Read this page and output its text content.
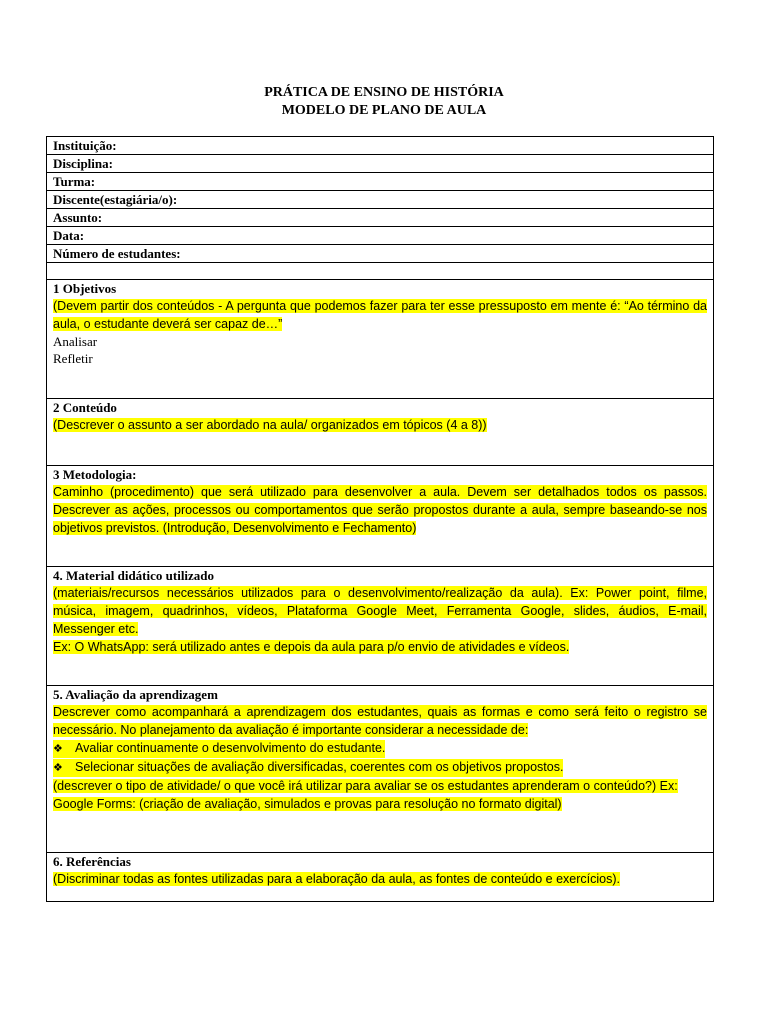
PRÁTICA DE ENSINO DE HISTÓRIA
MODELO DE PLANO DE AULA
Instituição:
Disciplina:
Turma:
Discente(estagiária/o):
Assunto:
Data:
Número de estudantes:

1 Objetivos
(Devem partir dos conteúdos - A pergunta que podemos fazer para ter esse pressuposto em mente é: “Ao término da aula, o estudante deverá ser capaz de…”
Analisar
Refletir

2 Conteúdo
(Descrever o assunto a ser abordado na aula/ organizados em tópicos (4 a 8))

3 Metodologia:
Caminho (procedimento) que será utilizado para desenvolver a aula. Devem ser detalhados todos os passos. Descrever as ações, processos ou comportamentos que serão propostos durante a aula, sempre baseando-se nos objetivos previstos. (Introdução, Desenvolvimento e Fechamento)

4. Material didático utilizado
(materiais/recursos necessários utilizados para o desenvolvimento/realização da aula). Ex: Power point, filme, música, imagem, quadrinhos, vídeos, Plataforma Google Meet, Ferramenta Google, slides, áudios, E-mail, Messenger etc.
Ex: O WhatsApp: será utilizado antes e depois da aula para p/o envio de atividades e vídeos.

5. Avaliação da aprendizagem
Descrever como acompanhará a aprendizagem dos estudantes, quais as formas e como será feito o registro se necessário. No planejamento da avaliação é importante considerar a necessidade de:
❖ Avaliar continuamente o desenvolvimento do estudante.
❖ Selecionar situações de avaliação diversificadas, coerentes com os objetivos propostos.
(descrever o tipo de atividade/ o que você irá utilizar para avaliar se os estudantes aprenderam o conteúdo?) Ex: Google Forms: (criação de avaliação, simulados e provas para resolução no formato digital)

6. Referências
(Discriminar todas as fontes utilizadas para a elaboração da aula, as fontes de conteúdo e exercícios).
